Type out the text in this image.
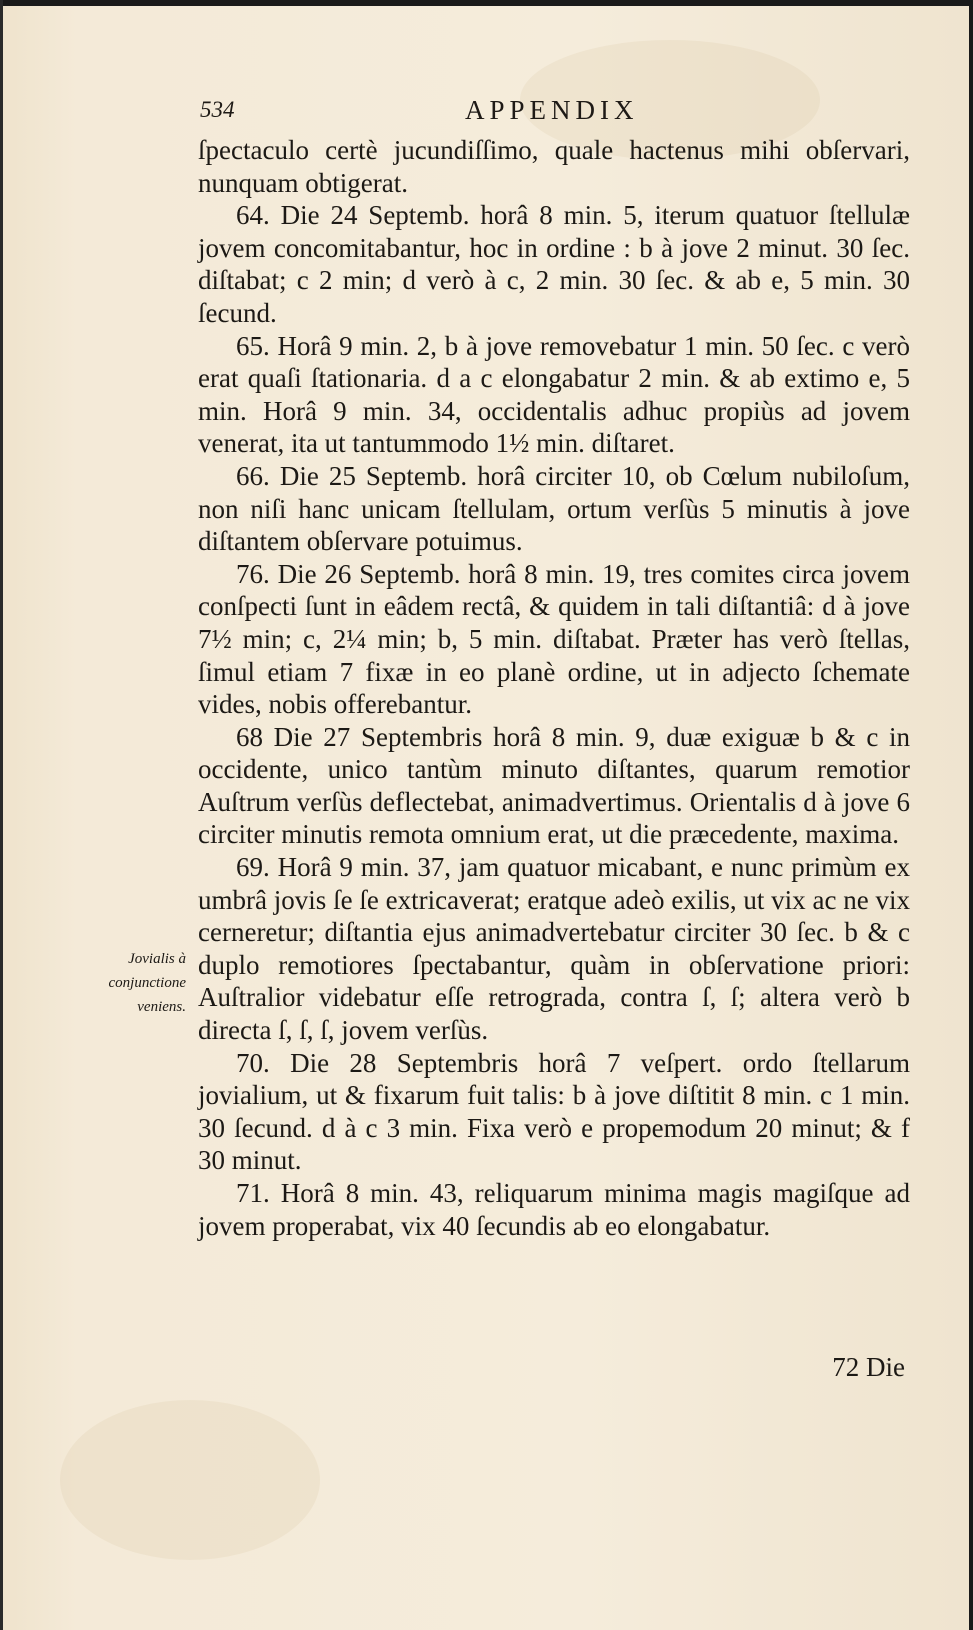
534	APPENDIX

ſpectaculo certè jucundiſſimo, quale hactenus mihi obſervari, nunquam obtigerat.

64. Die 24 Septemb. horâ 8 min. 5, iterum quatuor ſtellulæ jovem concomitabantur, hoc in ordine : b à jove 2 minut. 30 ſec. diſtabat; c 2 min; d verò à c, 2 min. 30 ſec. & ab e, 5 min. 30 ſecund.

65. Horâ 9 min. 2, b à jove removebatur 1 min. 50 ſec. c verò erat quaſi ſtationaria. d a c elongabatur 2 min. & ab extimo e, 5 min. Horâ 9 min. 34, occidentalis adhuc propiùs ad jovem venerat, ita ut tantummodo 1½ min. diſtaret.

66. Die 25 Septemb. horâ circiter 10, ob Cœlum nubiloſum, non niſi hanc unicam ſtellulam, ortum verſùs 5 minutis à jove diſtantem obſervare potuimus.

76. Die 26 Septemb. horâ 8 min. 19, tres comites circa jovem conſpecti ſunt in eâdem rectâ, & quidem in tali diſtantiâ: d à jove 7½ min; c, 2¼ min; b, 5 min. diſtabat. Præter has verò ſtellas, ſimul etiam 7 fixæ in eo planè ordine, ut in adjecto ſchemate vides, nobis offerebantur.

68 Die 27 Septembris horâ 8 min. 9, duæ exiguæ b & c in occidente, unico tantùm minuto diſtantes, quarum remotior Auſtrum verſùs deflectebat, animadvertimus. Orientalis d à jove 6 circiter minutis remota omnium erat, ut die præcedente, maxima.

69. Horâ 9 min. 37, jam quatuor micabant, e nunc primùm ex umbrâ jovis ſe ſe extricaverat; eratque adeò exilis, ut vix ac ne vix cerneretur; diſtantia ejus animadvertebatur circiter 30 ſec. b & c duplo remotiores ſpectabantur, quàm in obſervatione priori: Auſtralior videbatur eſſe retrograda, contra ſ, ſ; altera verò b directa ſ, ſ, ſ, jovem verſùs.

70. Die 28 Septembris horâ 7 veſpert. ordo ſtellarum jovialium, ut & fixarum fuit talis: b à jove diſtitit 8 min. c 1 min. 30 ſecund. d à c 3 min. Fixa verò e propemodum 20 minut; & f 30 minut.

71. Horâ 8 min. 43, reliquarum minima magis magiſque ad jovem properabat, vix 40 ſecundis ab eo elongabatur.

Jovialis à
conjunctione
veniens.
72 Die
